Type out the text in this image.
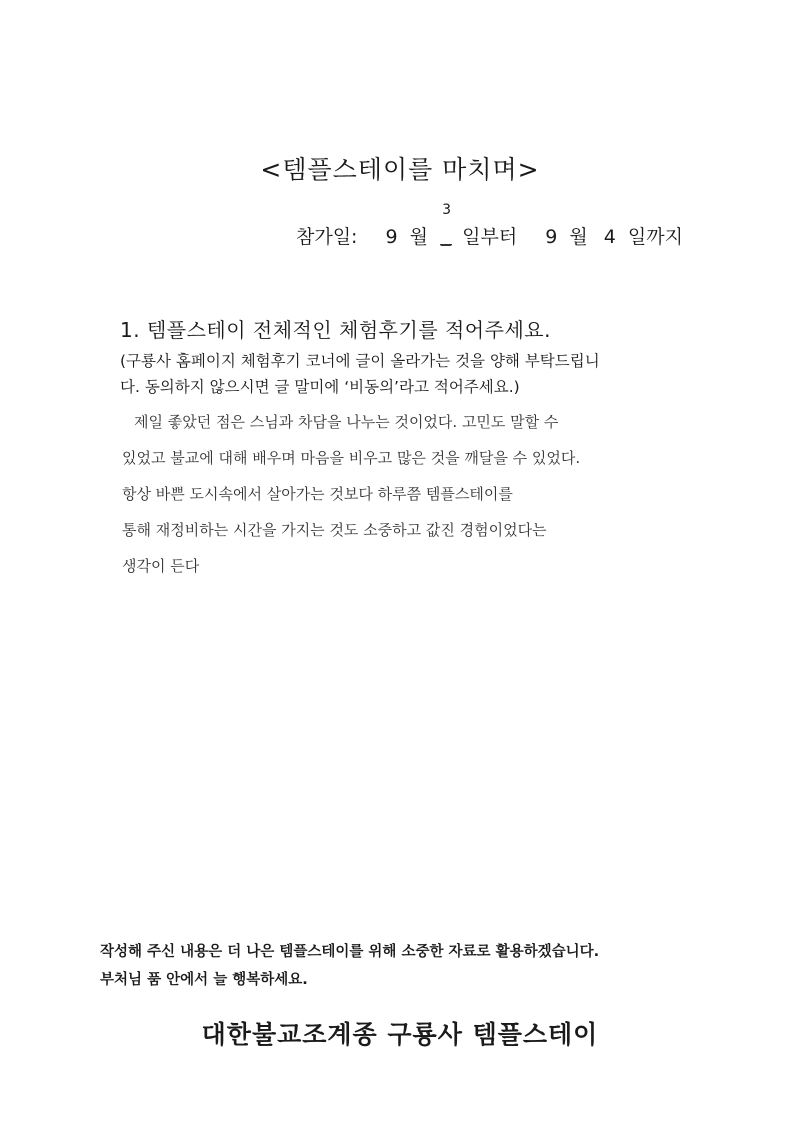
<템플스테이를 마치며>
참가일: 9 월
3
일부터 9 월 4 일까지
1. 템플스테이 전체적인 체험후기를 적어주세요.
(구룡사 홈페이지 체험후기 코너에 글이 올라가는 것을 양해 부탁드립니
다. 동의하지 않으시면 글 말미에 ‘비동의’라고 적어주세요.)
제일 좋았던 점은 스님과 차담을 나누는 것이었다. 고민도 말할 수
있었고 불교에 대해 배우며 마음을 비우고 많은 것을 깨달을 수 있었다.
항상 바쁜 도시속에서 살아가는 것보다 하루쯤 템플스테이를
통해 재정비하는 시간을 가지는 것도 소중하고 값진 경험이었다는
생각이 든다
작성해 주신 내용은 더 나은 템플스테이를 위해 소중한 자료로 활용하겠습니다.
부처님 품 안에서 늘 행복하세요.
대한불교조계종 구룡사 템플스테이
